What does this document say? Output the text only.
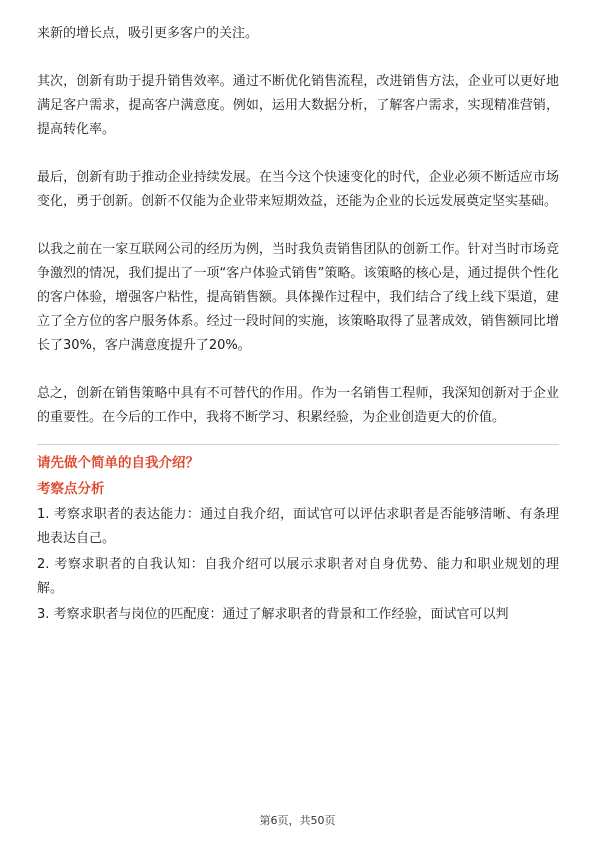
来新的增长点，吸引更多客户的关注。

其次，创新有助于提升销售效率。通过不断优化销售流程，改进销售方法，企业可以更好地满足客户需求，提高客户满意度。例如，运用大数据分析，了解客户需求，实现精准营销，提高转化率。

最后，创新有助于推动企业持续发展。在当今这个快速变化的时代，企业必须不断适应市场变化，勇于创新。创新不仅能为企业带来短期效益，还能为企业的长远发展奠定坚实基础。

以我之前在一家互联网公司的经历为例，当时我负责销售团队的创新工作。针对当时市场竞争激烈的情况，我们提出了一项“客户体验式销售”策略。该策略的核心是，通过提供个性化的客户体验，增强客户粘性，提高销售额。具体操作过程中，我们结合了线上线下渠道，建立了全方位的客户服务体系。经过一段时间的实施，该策略取得了显著成效，销售额同比增长了30%，客户满意度提升了20%。

总之，创新在销售策略中具有不可替代的作用。作为一名销售工程师，我深知创新对于企业的重要性。在今后的工作中，我将不断学习、积累经验，为企业创造更大的价值。

请先做个简单的自我介绍？

考察点分析

1. 考察求职者的表达能力：通过自我介绍，面试官可以评估求职者是否能够清晰、有条理地表达自己。

2. 考察求职者的自我认知：自我介绍可以展示求职者对自身优势、能力和职业规划的理解。

3. 考察求职者与岗位的匹配度：通过了解求职者的背景和工作经验，面试官可以判

第6页，共50页
